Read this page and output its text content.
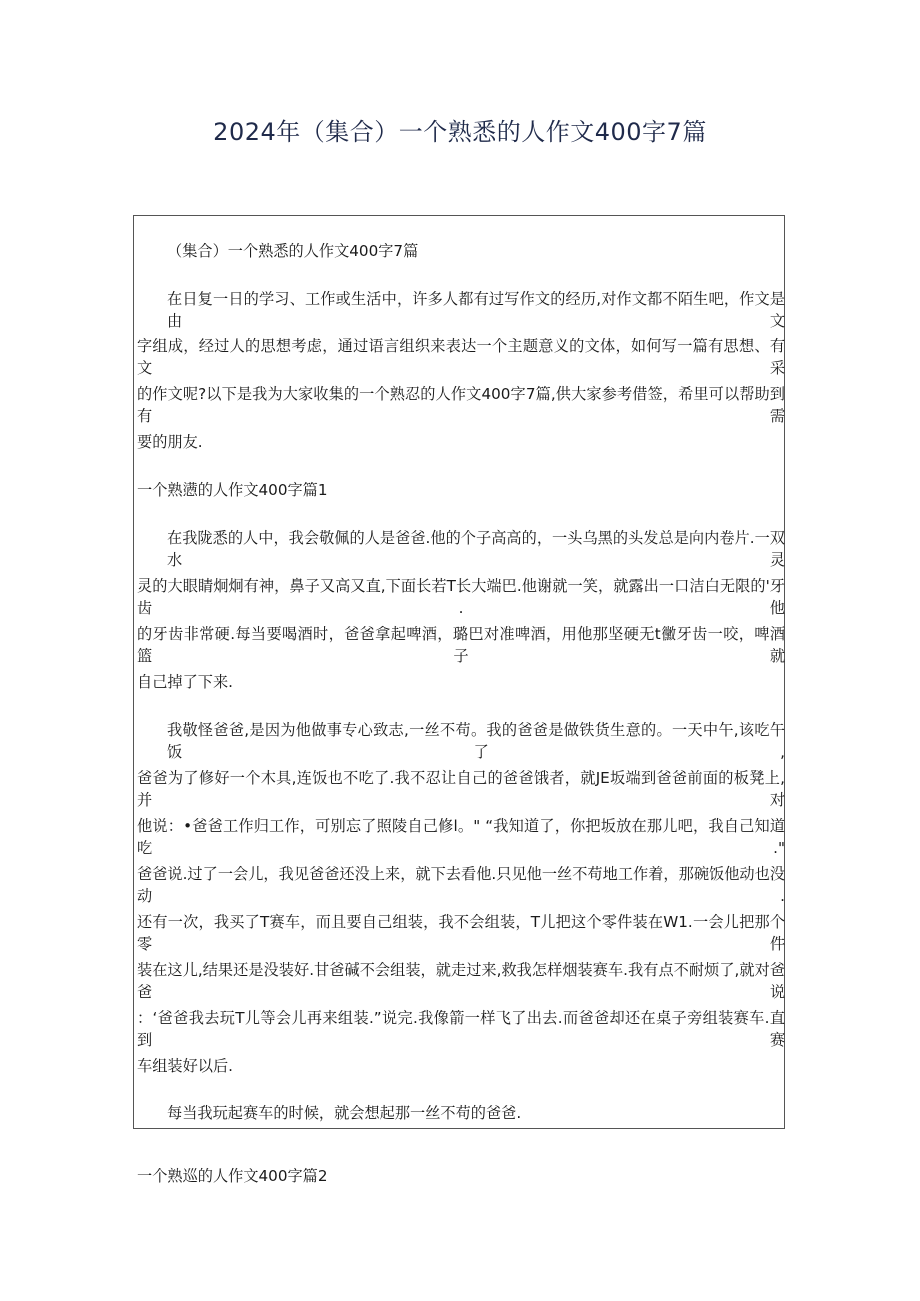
2024年（集合）一个熟悉的人作文400字7篇
（集合）一个熟悉的人作文400字7篇
在日复一日的学习、工作或生活中，许多人都有过写作文的经历,对作文都不陌生吧，作文是由文
字组成，经过人的思想考虑，通过语言组织来表达一个主题意义的文体，如何写一篇有思想、有文采
的作文呢?以下是我为大家收集的一个熟忍的人作文400字7篇,供大家参考借签，希里可以帮助到有需
要的朋友.
一个熟懑的人作文400字篇1
在我陇悉的人中，我会敬佩的人是爸爸.他的个子高高的，一头乌黑的头发总是向内卷片.一双水灵
灵的大眼睛炯炯有神，鼻子又高又直,下面长若T长大端巴.他谢就一笑，就露出一口洁白无限的'牙齿.他
的牙齿非常硬.每当要喝酒时，爸爸拿起啤酒，璐巴对准啤酒，用他那坚硬无t黴牙齿一咬，啤酒篮子就
自己掉了下来.
我敬怪爸爸,是因为他做事专心致志,一丝不苟。我的爸爸是做铁货生意的。一天中午,该吃午饭了,
爸爸为了修好一个木具,连饭也不吃了.我不忍让自己的爸爸饿者，就JE坂端到爸爸前面的板凳上,并对
他说：•爸爸工作归工作，可别忘了照陵自己修l。" “我知道了，你把坂放在那儿吧，我自己知道吃."
爸爸说.过了一会儿，我见爸爸还没上来，就下去看他.只见他一丝不苟地工作着，那碗饭他动也没动.
还有一次，我买了T赛车，而且要自己组装，我不会组装，T儿把这个零件装在W1.一会儿把那个零件
装在这儿,结果还是没装好.甘爸碱不会组装，就走过来,救我怎样烟装赛车.我有点不耐烦了,就对爸爸说
：‘爸爸我去玩T儿等会儿再来组装.”说完.我像箭一样飞了出去.而爸爸却还在桌子旁组装赛车.直到赛
车组装好以后.
每当我玩起赛车的时候，就会想起那一丝不苟的爸爸.
一个熟巡的人作文400字篇2
